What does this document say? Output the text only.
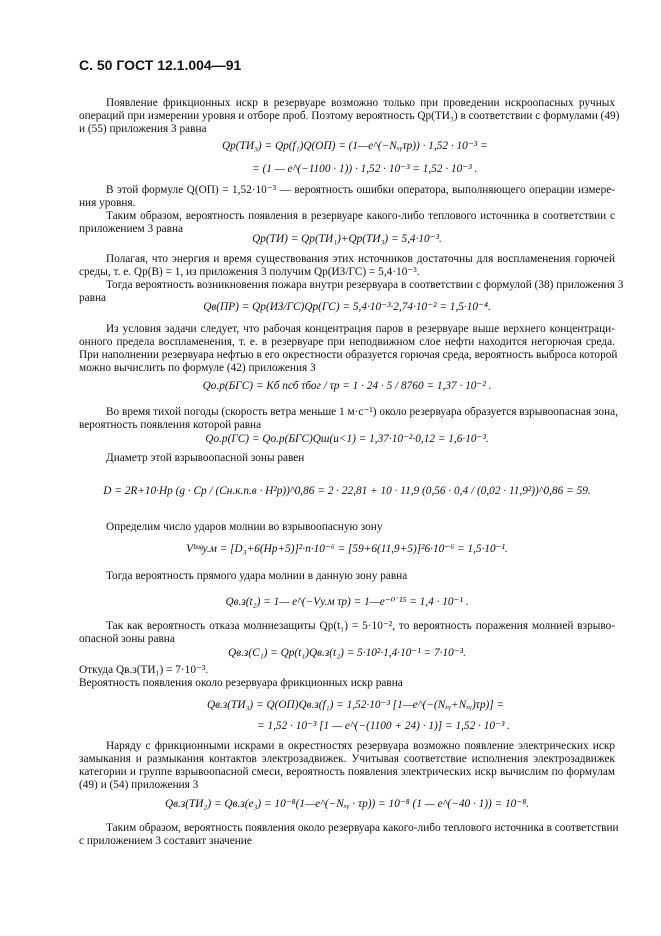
С. 50 ГОСТ 12.1.004—91
Появление фрикционных искр в резервуаре возможно только при проведении искроопасных ручных
операций при измерении уровня и отборе проб. Поэтому вероятность Qр(ТИ₃) в соответствии с формулами (49)
и (55) приложения 3 равна
В этой формуле Q(ОП) = 1,52·10⁻³ — вероятность ошибки оператора, выполняющего операции измере-
ния уровня.
Таким образом, вероятность появления в резервуаре какого-либо теплового источника в соответствии с
приложением 3 равна
Полагая, что энергия и время существования этих источников достаточны для воспламенения горючей
среды, т. е. Qр(В) = 1, из приложения 3 получим Qр(ИЗ/ГС) = 5,4·10⁻³.
Тогда вероятность возникновения пожара внутри резервуара в соответствии с формулой (38) приложения 3
равна
Из условия задачи следует, что рабочая концентрация паров в резервуаре выше верхнего концентраци-
онного предела воспламенения, т. е. в резервуаре при неподвижном слое нефти находится негорючая среда.
При наполнении резервуара нефтью в его окрестности образуется горючая среда, вероятность выброса которой
можно вычислить по формуле (42) приложения 3
Во время тихой погоды (скорость ветра меньше 1 м·с⁻¹) около резервуара образуется взрывоопасная зона,
вероятность появления которой равна
Диаметр этой взрывоопасной зоны равен
Определим число ударов молнии во взрывоопасную зону
Тогда вероятность прямого удара молнии в данную зону равна
Так как вероятность отказа молниезащиты Qр(t₁) = 5·10⁻², то вероятность поражения молнией взрыво-
опасной зоны равна
Откуда Qв.з(ТИ₁) = 7·10⁻³.
Вероятность появления около резервуара фрикционных искр равна
Наряду с фрикционными искрами в окрестностях резервуара возможно появление электрических искр
замыкания и размыкания контактов электрозадвижек. Учитывая соответствие исполнения электрозадвижек
категории и группе взрывоопасной смеси, вероятность появления электрических искр вычислим по формулам
(49) и (54) приложения 3
Таким образом, вероятность появления около резервуара какого-либо теплового источника в соответствии
с приложением 3 составит значение
Qр(ТИ₃) = Qр(f₁)Q(ОП) = (1—e^(−Nₓᵧτр)) · 1,52 · 10⁻³ =
= (1 — e^(−1100 · 1)) · 1,52 · 10⁻³ = 1,52 · 10⁻³ .
Qр(ТИ) = Qр(ТИ₁)+Qр(ТИ₃) = 5,4·10⁻³.
Qв(ПР) = Qр(ИЗ/ГС)Qр(ГС) = 5,4·10⁻³·2,74·10⁻² = 1,5·10⁻⁴.
Qо.р(БГС) = Кб nсб τбог / τр = 1 · 24 · 5 / 8760 = 1,37 · 10⁻² .
Qо.р(ГС) = Qо.р(БГС)Qш(u<1) = 1,37·10⁻²·0,12 = 1,6·10⁻³.
D = 2R+10·Hр (g · Cр / (Cн.к.п.в · H²р))^0,86 = 2 · 22,81 + 10 · 11,9 (0,56 · 0,4 / (0,02 · 11,9²))^0,86 = 59.
Vᵇᵒᵍу.м = [D₃+6(Hр+5)]²·n·10⁻⁶ = [59+6(11,9+5)]²6·10⁻⁶ = 1,5·10⁻¹.
Qв.з(t₂) = 1— e^(−Vу.м τр) = 1—e⁻⁰˙¹⁵ = 1,4 · 10⁻¹ .
Qв.з(C₁) = Qр(t₁)Qв.з(t₂) = 5·10²·1,4·10⁻¹ = 7·10⁻³.
Qв.з(ТИ₃) = Q(ОП)Qв.з(f₁) = 1,52·10⁻³ [1—e^(−(Nₓᵧ+Nₓᵧ)τр)] =
= 1,52 · 10⁻³ [1 — e^(−(1100 + 24) · 1)] = 1,52 · 10⁻³ .
Qв.з(ТИ₂) = Qв.з(e₃) = 10⁻⁸(1—e^(−Nₓᵧ · τр)) = 10⁻⁸ (1 — e^(−40 · 1)) = 10⁻⁸.
